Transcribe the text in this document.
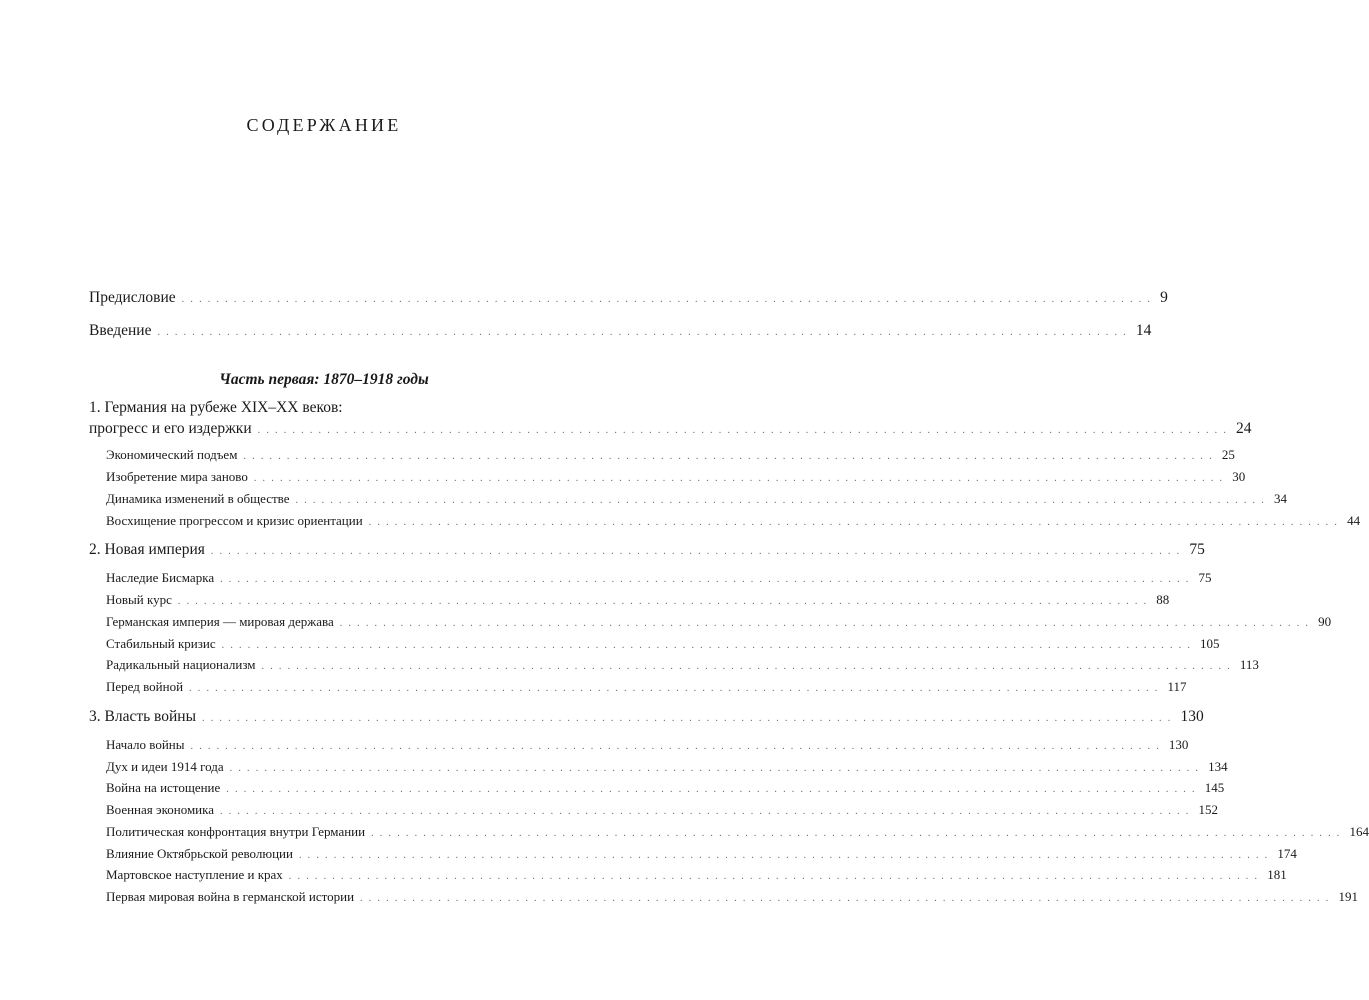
СОДЕРЖАНИЕ
Предисловие ................................................................................................................ 9
Введение ................................................................................................................ 14
Часть первая: 1870–1918 годы
1. Германия на рубеже XIX–XX веков:
прогресс и его издержки ................................................................................................................ 24
Экономический подъем ................................................................................................................ 25
Изобретение мира заново ................................................................................................................ 30
Динамика изменений в обществе ................................................................................................................ 34
Восхищение прогрессом и кризис ориентации ................................................................................................................ 44
2. Новая империя ................................................................................................................ 75
Наследие Бисмарка ................................................................................................................ 75
Новый курс ................................................................................................................ 88
Германская империя — мировая держава ................................................................................................................ 90
Стабильный кризис ................................................................................................................ 105
Радикальный национализм ................................................................................................................ 113
Перед войной ................................................................................................................ 117
3. Власть войны ................................................................................................................ 130
Начало войны ................................................................................................................ 130
Дух и идеи 1914 года ................................................................................................................ 134
Война на истощение ................................................................................................................ 145
Военная экономика ................................................................................................................ 152
Политическая конфронтация внутри Германии ................................................................................................................ 164
Влияние Октябрьской революции ................................................................................................................ 174
Мартовское наступление и крах ................................................................................................................ 181
Первая мировая война в германской истории ................................................................................................................ 191
